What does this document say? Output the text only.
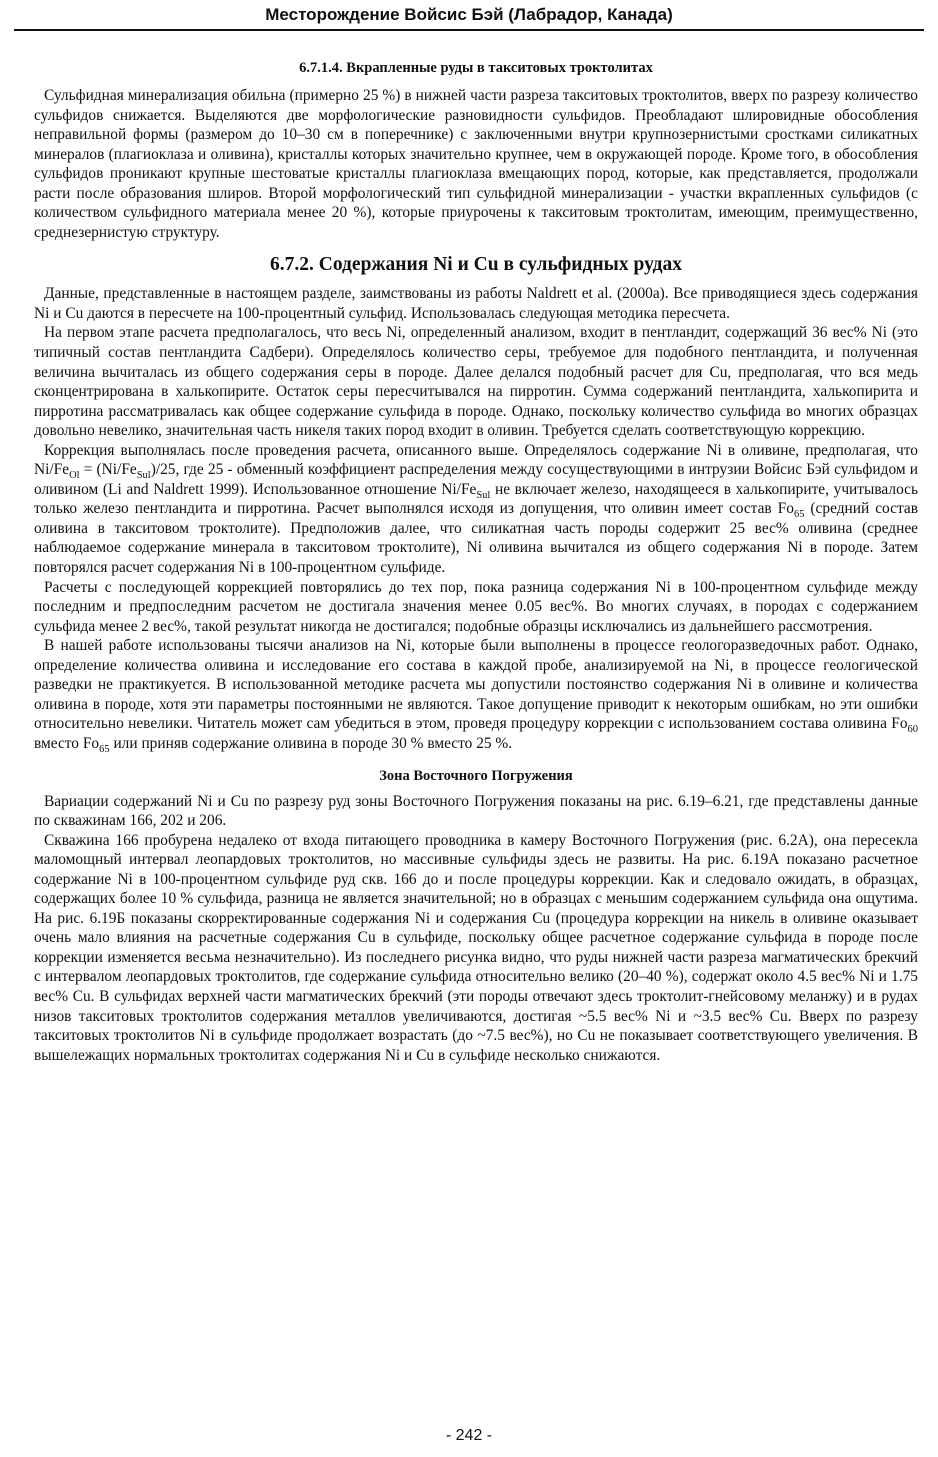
Месторождение Войсис Бэй (Лабрадор, Канада)
6.7.1.4. Вкрапленные руды в такситовых троктолитах

Сульфидная минерализация обильна (примерно 25 %) в нижней части разреза такситовых троктолитов, вверх по разрезу количество сульфидов снижается. Выделяются две морфологические разновидности сульфидов. Преобладают шлировидные обособления неправильной формы (размером до 10–30 см в поперечнике) с заключенными внутри крупнозернистыми сростками силикатных минералов (плагиоклаза и оливина), кристаллы которых значительно крупнее, чем в окружающей породе. Кроме того, в обособления сульфидов проникают крупные шестоватые кристаллы плагиоклаза вмещающих пород, которые, как представляется, продолжали расти после образования шлиров. Второй морфологический тип сульфидной минерализации - участки вкрапленных сульфидов (с количеством сульфидного материала менее 20 %), которые приурочены к такситовым троктолитам, имеющим, преимущественно, среднезернистую структуру.

6.7.2. Содержания Ni и Cu в сульфидных рудах

Данные, представленные в настоящем разделе, заимствованы из работы Naldrett et al. (2000a). Все приводящиеся здесь содержания Ni и Cu даются в пересчете на 100-процентный сульфид. Использовалась следующая методика пересчета.

На первом этапе расчета предполагалось, что весь Ni, определенный анализом, входит в пентландит, содержащий 36 вес% Ni (это типичный состав пентландита Садбери). Определялось количество серы, требуемое для подобного пентландита, и полученная величина вычиталась из общего содержания серы в породе. Далее делался подобный расчет для Cu, предполагая, что вся медь сконцентрирована в халькопирите. Остаток серы пересчитывался на пирротин. Сумма содержаний пентландита, халькопирита и пирротина рассматривалась как общее содержание сульфида в породе. Однако, поскольку количество сульфида во многих образцах довольно невелико, значительная часть никеля таких пород входит в оливин. Требуется сделать соответствующую коррекцию.

Коррекция выполнялась после проведения расчета, описанного выше. Определялось содержание Ni в оливине, предполагая, что $Ni/Fe_{Ol} = (Ni/Fe_{Sul})/25$, где 25 - обменный коэффициент распределения между сосуществующими в интрузии Войсис Бэй сульфидом и оливином (Li and Naldrett 1999). Использованное отношение $Ni/Fe_{Sul}$ не включает железо, находящееся в халькопирите, учитывалось только железо пентландита и пирротина. Расчет выполнялся исходя из допущения, что оливин имеет состав $Fo_{65}$ (средний состав оливина в такситовом троктолите). Предположив далее, что силикатная часть породы содержит 25 вес% оливина (среднее наблюдаемое содержание минерала в такситовом троктолите), Ni оливина вычитался из общего содержания Ni в породе. Затем повторялся расчет содержания Ni в 100-процентном сульфиде.

Расчеты с последующей коррекцией повторялись до тех пор, пока разница содержания Ni в 100-процентном сульфиде между последним и предпоследним расчетом не достигала значения менее 0.05 вес%. Во многих случаях, в породах с содержанием сульфида менее 2 вес%, такой результат никогда не достигался; подобные образцы исключались из дальнейшего рассмотрения.

В нашей работе использованы тысячи анализов на Ni, которые были выполнены в процессе геологоразведочных работ. Однако, определение количества оливина и исследование его состава в каждой пробе, анализируемой на Ni, в процессе геологической разведки не практикуется. В использованной методике расчета мы допустили постоянство содержания Ni в оливине и количества оливина в породе, хотя эти параметры постоянными не являются. Такое допущение приводит к некоторым ошибкам, но эти ошибки относительно невелики. Читатель может сам убедиться в этом, проведя процедуру коррекции с использованием состава оливина $Fo_{60}$ вместо $Fo_{65}$ или приняв содержание оливина в породе 30 % вместо 25 %.

Зона Восточного Погружения

Вариации содержаний Ni и Cu по разрезу руд зоны Восточного Погружения показаны на рис. 6.19–6.21, где представлены данные по скважинам 166, 202 и 206.

Скважина 166 пробурена недалеко от входа питающего проводника в камеру Восточного Погружения (рис. 6.2А), она пересекла маломощный интервал леопардовых троктолитов, но массивные сульфиды здесь не развиты. На рис. 6.19А показано расчетное содержание Ni в 100-процентном сульфиде руд скв. 166 до и после процедуры коррекции. Как и следовало ожидать, в образцах, содержащих более 10 % сульфида, разница не является значительной; но в образцах с меньшим содержанием сульфида она ощутима. На рис. 6.19Б показаны скорректированные содержания Ni и содержания Cu (процедура коррекции на никель в оливине оказывает очень мало влияния на расчетные содержания Cu в сульфиде, поскольку общее расчетное содержание сульфида в породе после коррекции изменяется весьма незначительно). Из последнего рисунка видно, что руды нижней части разреза магматических брекчий с интервалом леопардовых троктолитов, где содержание сульфида относительно велико (20–40 %), содержат около 4.5 вес% Ni и 1.75 вес% Cu. В сульфидах верхней части магматических брекчий (эти породы отвечают здесь троктолит-гнейсовому меланжу) и в рудах низов такситовых троктолитов содержания металлов увеличиваются, достигая ~5.5 вес% Ni и ~3.5 вес% Cu. Вверх по разрезу такситовых троктолитов Ni в сульфиде продолжает возрастать (до ~7.5 вес%), но Cu не показывает соответствующего увеличения. В вышележащих нормальных троктолитах содержания Ni и Cu в сульфиде несколько снижаются.

- 242 -
